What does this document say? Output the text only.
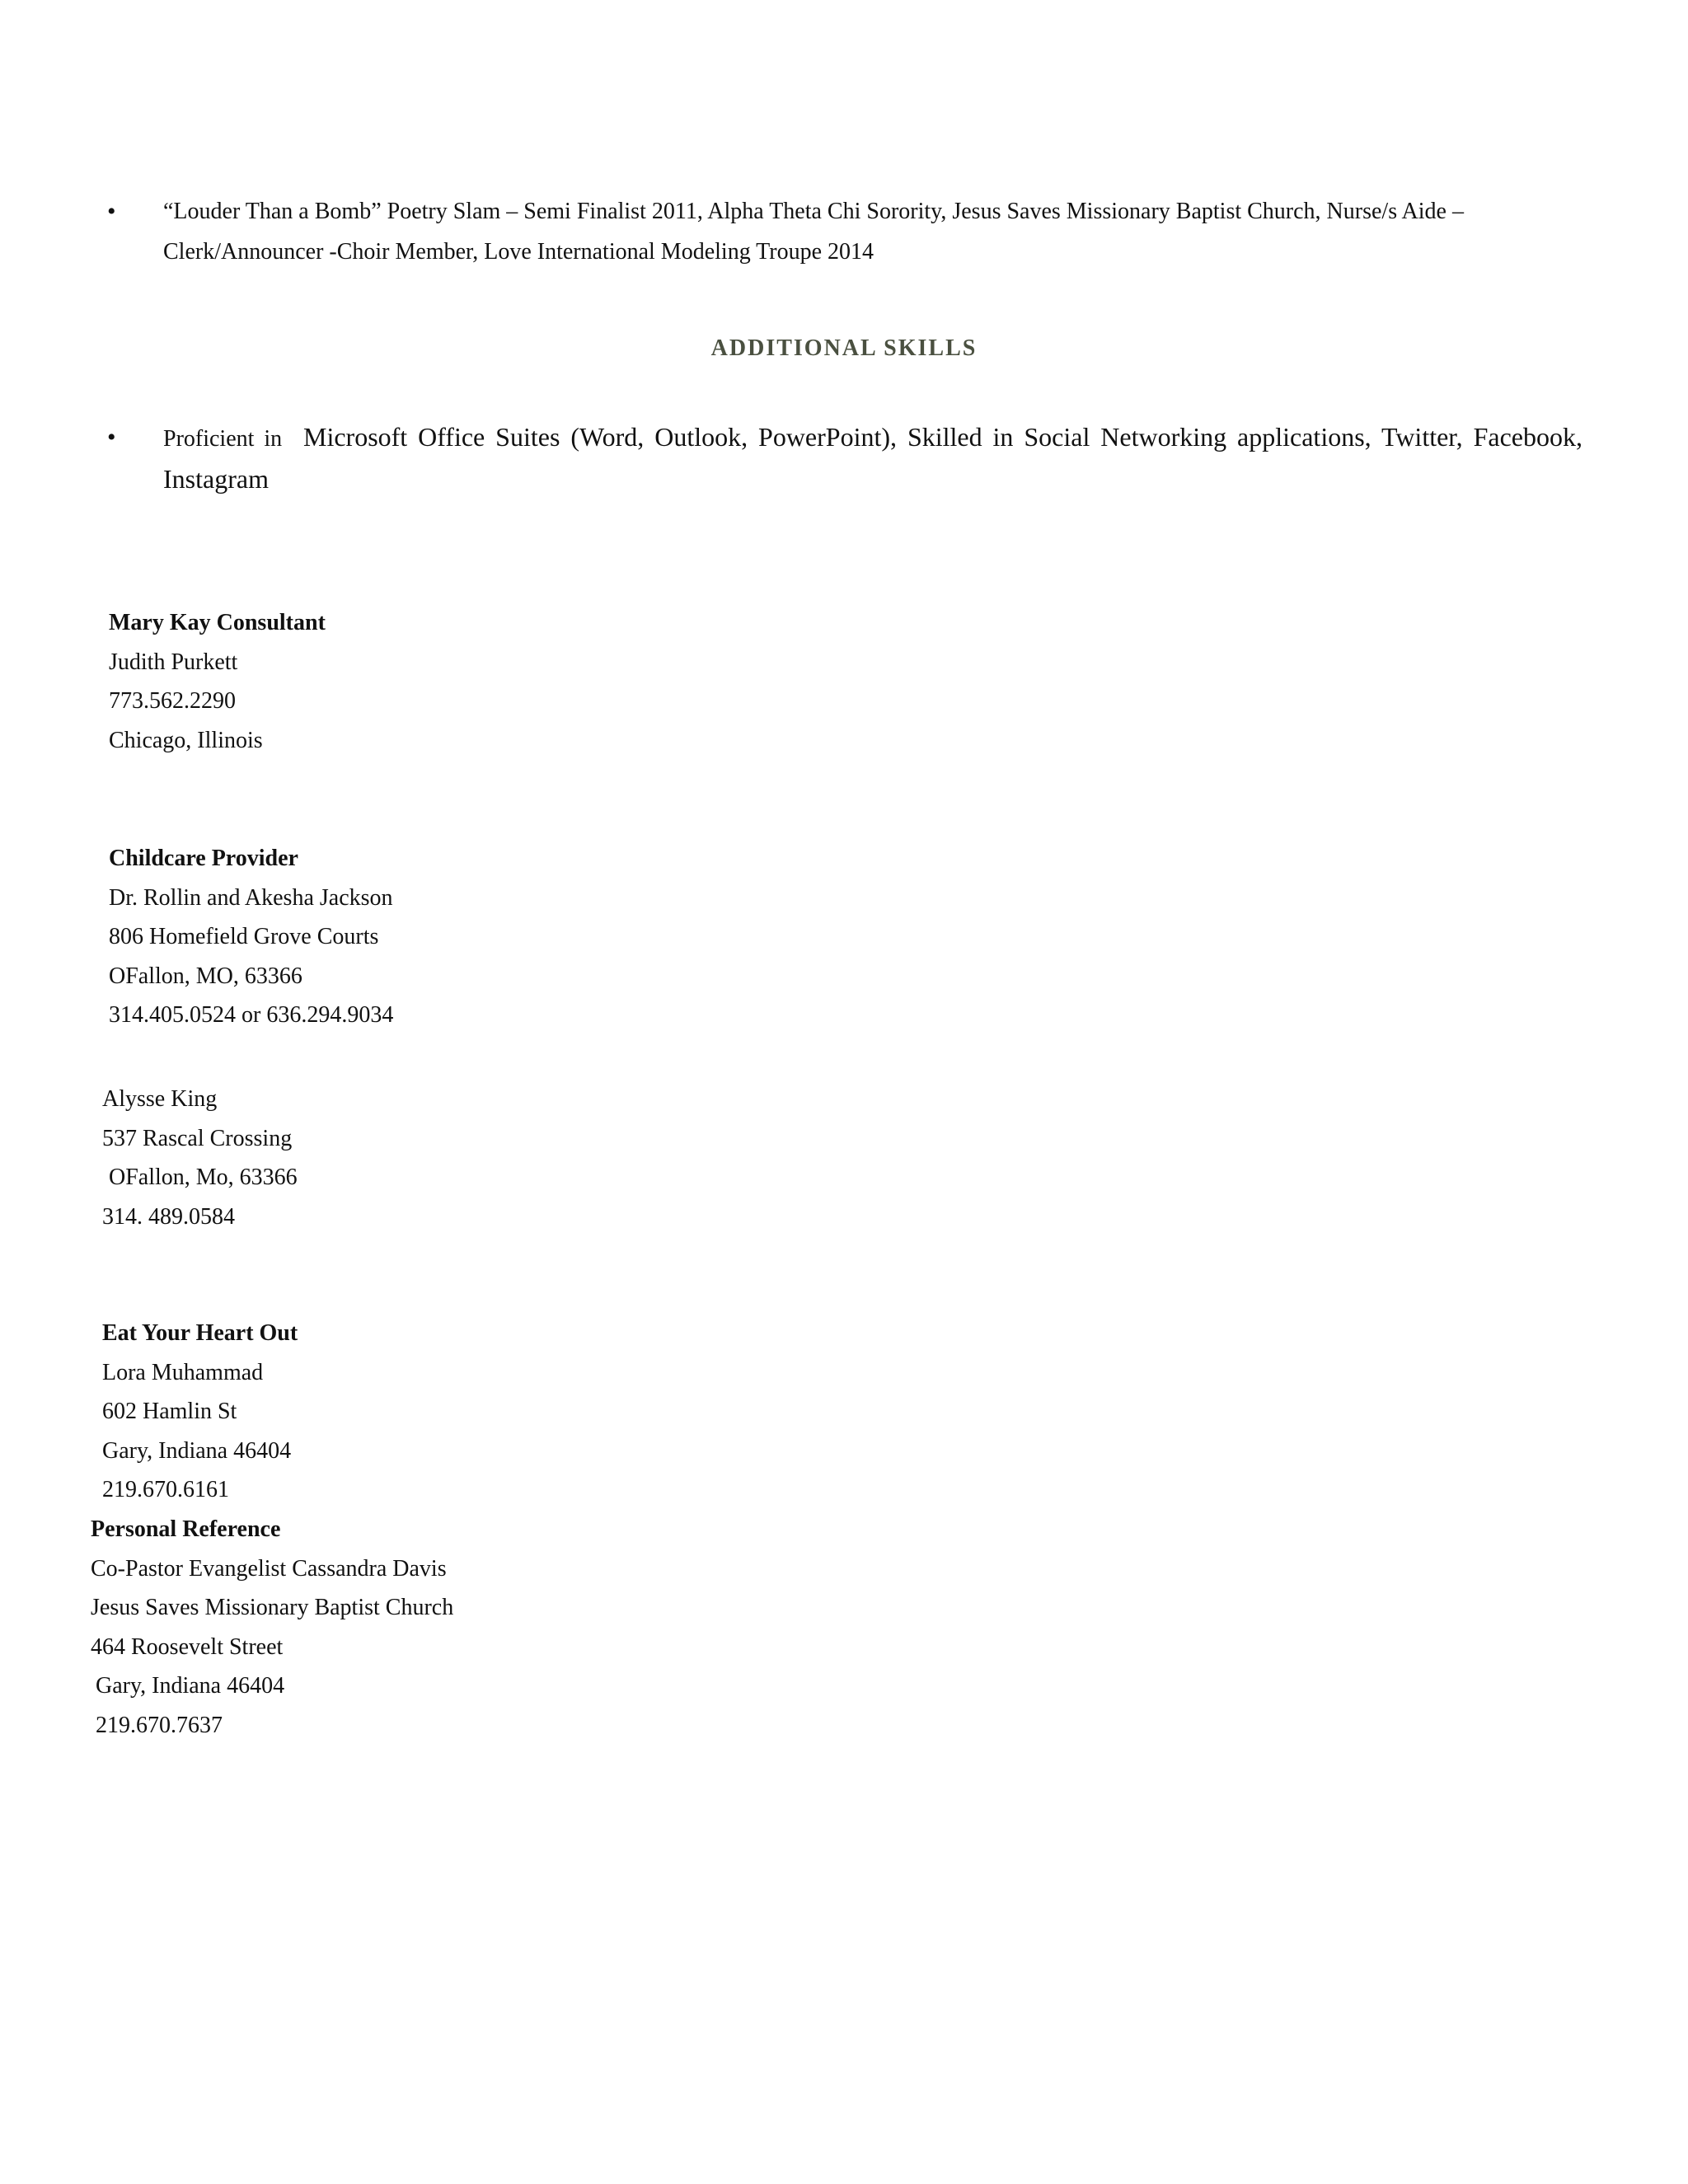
• “Louder Than a Bomb” Poetry Slam – Semi Finalist 2011, Alpha Theta Chi Sorority, Jesus Saves Missionary Baptist Church, Nurse/s Aide –
Clerk/Announcer -Choir Member, Love International Modeling Troupe 2014
ADDITIONAL SKILLS
• Proficient in Microsoft Office Suites (Word, Outlook, PowerPoint), Skilled in Social Networking applications, Twitter, Facebook, Instagram
Mary Kay Consultant
Judith Purkett
773.562.2290
Chicago, Illinois
Childcare Provider
Dr. Rollin and Akesha Jackson
806 Homefield Grove Courts
OFallon, MO, 63366
314.405.0524 or 636.294.9034
Alysse King
537 Rascal Crossing
OFallon, Mo, 63366
314. 489.0584
Eat Your Heart Out
Lora Muhammad
602 Hamlin St
Gary, Indiana 46404
219.670.6161
Personal Reference
Co-Pastor Evangelist Cassandra Davis
Jesus Saves Missionary Baptist Church
464 Roosevelt Street
Gary, Indiana 46404
219.670.7637
